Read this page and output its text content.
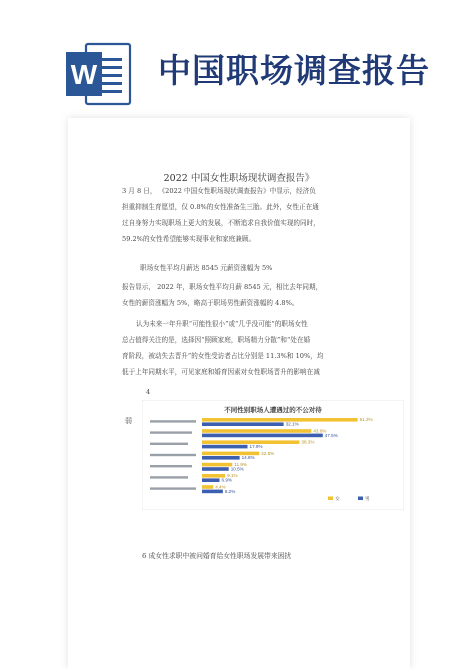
W 中国职场调查报告
2022 中国女性职场现状调查报告》
3 月 8 日， 《2022 中国女性职场现状调查报告》中显示，经济负
担重抑制生育愿望，仅 0.8%的女性准备生三胎。此外，女性正在通
过自身努力实现职场上更大的发展，不断追求自我价值实现的同时，
59.2%的女性希望能够实现事业和家庭兼顾。
职场女性平均月薪达 8545 元薪资涨幅为 5%
报告显示， 2022 年，职场女性平均月薪 8545 元，相比去年同期，
女性的薪资涨幅为 5%，略高于职场男性薪资涨幅的 4.8%。
认为未来一年升职“可能性很小”或“几乎没可能”的职场女性
总占值得关注的是，选择因“照顾家庭，职场精力分散”和“处在婚
育阶段，被动失去晋升”的女性受访者占比分别是 11.3%和 10%，均
低于上年同期水平，可见家庭和婚育因素对女性职场晋升的影响在减
4
弱
不同性别职场人遭遇过的不公对待
61.2%
32.1%
43.0%
47.5%
38.3%
17.9%
22.5%
14.8%
11.9%
10.5%
9.1%
6.9%
4.4%
8.2%
女	男
6 成女性求职中被问婚育给女性职场发展带来困扰
